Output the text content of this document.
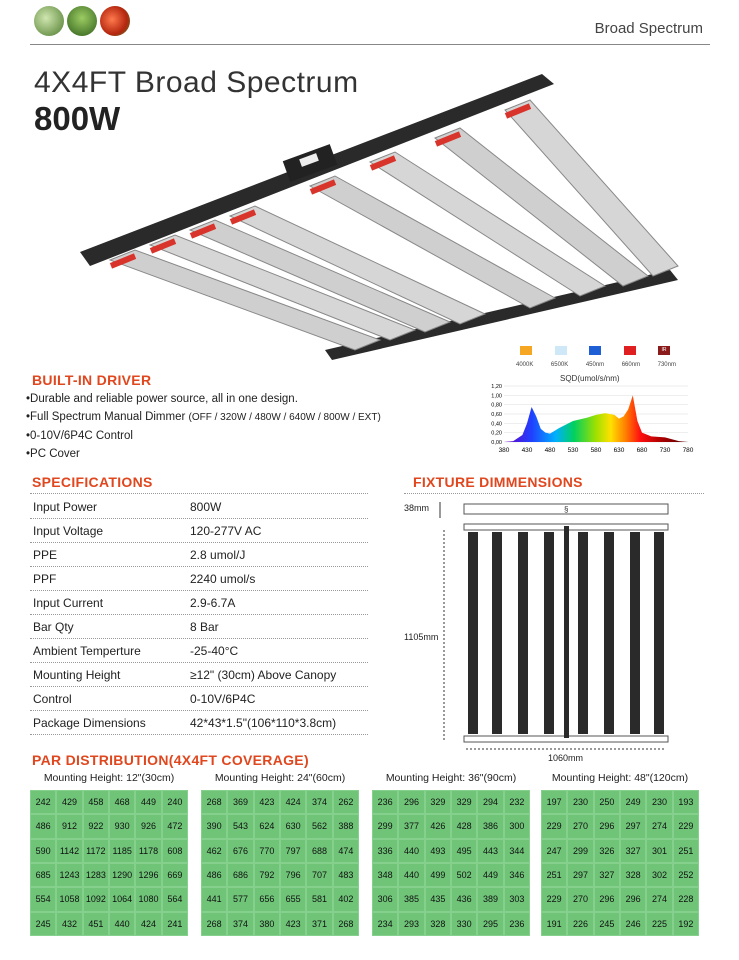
Broad Spectrum
4X4FT Broad Spectrum
800W
BUILT-IN DRIVER
•Durable and reliable power source, all in one design.
•Full Spectrum Manual Dimmer (OFF / 320W / 480W / 640W / 800W / EXT)
•0-10V/6P4C Control
•PC Cover
IR
4000K	6500K	450nm	660nm	730nm
SQD(umol/s/nm)
0,00
0,20
0,40
0,60
0,80
1,00
1,20
380 430 480 530 580 630 680 730 780
FR
SPECIFICATIONS
Input Power	800W
Input Voltage	120-277V AC
PPE	2.8 umol/J
PPF	2240 umol/s
Input Current	2.9-6.7A
Bar Qty	8 Bar
Ambient Temperture	-25-40°C
Mounting Height	≥12" (30cm) Above Canopy
Control	0-10V/6P4C
Package Dimensions	42*43*1.5"(106*110*3.8cm)
FIXTURE DIMMENSIONS
38mm
1105mm
1060mm
§
PAR DISTRIBUTION(4X4FT COVERAGE)
Mounting Height: 12"(30cm)
242	429	458	468	449	240
486	912	922	930	926	472
590	1142 1172 1185 1178	608
685 1243 1283 1290 1296 669
554 1058 1092 1064 1080 564
245	432	451	440	424	241
Mounting Height: 24"(60cm)
268	369	423	424	374	262
390	543	624	630	562	388
462	676	770	797	688	474
486	686	792	796	707	483
441	577	656	655	581	402
268	374	380	423	371	268
Mounting Height: 36"(90cm)
236	296	329	329	294	232
299	377	426	428	386	300
336	440	493	495	443	344
348	440	499	502	449	346
306	385	435	436	389	303
234	293	328	330	295	236
Mounting Height: 48"(120cm)
197	230	250	249	230	193
229	270	296	297	274	229
247	299	326	327	301	251
251	297	327	328	302	252
229	270	296	296	274	228
191	226	245	246	225	192
